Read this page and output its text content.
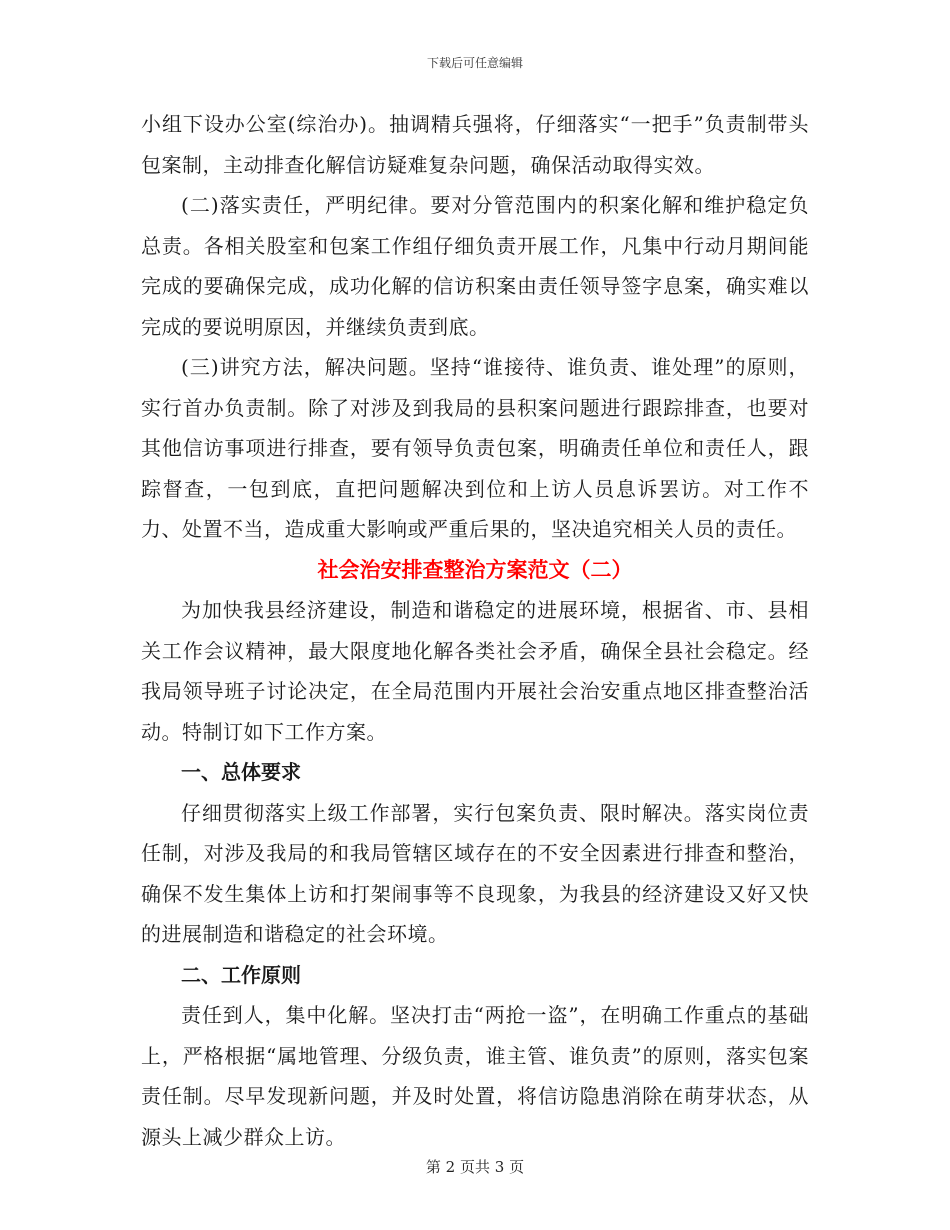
下载后可任意编辑

小组下设办公室(综治办)。抽调精兵强将，仔细落实“一把手”负责制带头包案制，主动排查化解信访疑难复杂问题，确保活动取得实效。

(二)落实责任，严明纪律。要对分管范围内的积案化解和维护稳定负总责。各相关股室和包案工作组仔细负责开展工作，凡集中行动月期间能完成的要确保完成，成功化解的信访积案由责任领导签字息案，确实难以完成的要说明原因，并继续负责到底。

(三)讲究方法，解决问题。坚持“谁接待、谁负责、谁处理”的原则，实行首办负责制。除了对涉及到我局的县积案问题进行跟踪排查，也要对其他信访事项进行排查，要有领导负责包案，明确责任单位和责任人，跟踪督查，一包到底，直把问题解决到位和上访人员息诉罢访。对工作不力、处置不当，造成重大影响或严重后果的，坚决追究相关人员的责任。

社会治安排查整治方案范文（二）

为加快我县经济建设，制造和谐稳定的进展环境，根据省、市、县相关工作会议精神，最大限度地化解各类社会矛盾，确保全县社会稳定。经我局领导班子讨论决定，在全局范围内开展社会治安重点地区排查整治活动。特制订如下工作方案。

一、总体要求

仔细贯彻落实上级工作部署，实行包案负责、限时解决。落实岗位责任制，对涉及我局的和我局管辖区域存在的不安全因素进行排查和整治，确保不发生集体上访和打架闹事等不良现象，为我县的经济建设又好又快的进展制造和谐稳定的社会环境。

二、工作原则

责任到人，集中化解。坚决打击“两抢一盗”，在明确工作重点的基础上，严格根据“属地管理、分级负责，谁主管、谁负责”的原则，落实包案责任制。尽早发现新问题，并及时处置，将信访隐患消除在萌芽状态，从源头上减少群众上访。

第 2 页共 3 页
